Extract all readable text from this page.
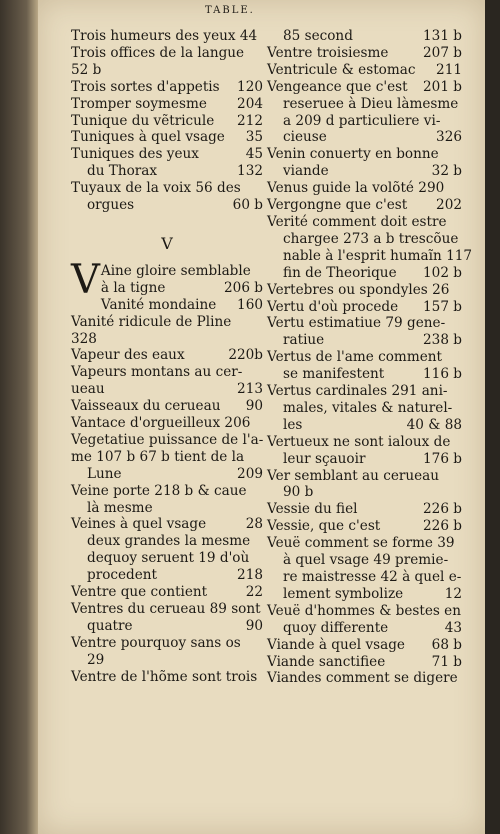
TABLE.
Trois humeurs des yeux 44
Trois offices de la langue
52 b
Trois sortes d'appetis 120
Tromper soymesme 204
Tunique du vẽtricule 212
Tuniques à quel vsage 35
Tuniques des yeux	45
du Thorax	132
Tuyaux de la voix 56 des
orgues	60 b
V
V Aine gloire semblable
à la tigne	206 b
Vanité mondaine 160
Vanité ridicule de Pline
328
Vapeur des eaux	220b
Vapeurs montans au cer-
ueau	213
Vaisseaux du cerueau 90
Vantace d'orgueilleux 206
Vegetatiue puissance de l'a-
me 107 b 67 b tient de la
Lune	209
Veine porte 218 b & caue
là mesme
Veines à quel vsage	28
deux grandes la mesme
dequoy seruent 19 d'où
procedent	218
Ventre que contient	22
Ventres du cerueau 89 sont
quatre	90
Ventre pourquoy sans os
29
Ventre de l'hõme sont trois
85 second	131 b
Ventre troisiesme	207 b
Ventricule & estomac 211
Vengeance que c'est 201 b
reseruee à Dieu làmesme
a 209 d particuliere vi-
cieuse	326
Venin conuerty en bonne
viande	32 b
Venus guide la volõté 290
Vergongne que c'est 202
Verité comment doit estre
chargee 273 a b trescõue
nable à l'esprit humaĩn 117
fin de Theorique 102 b
Vertebres ou spondyles 26
Vertu d'où procede 157 b
Vertu estimatiue 79 gene-
ratiue	238 b
Vertus de l'ame comment
se manifestent	116 b
Vertus cardinales 291 ani-
males, vitales & naturel-
les	40 & 88
Vertueux ne sont ialoux de
leur sçauoir	176 b
Ver semblant au cerueau
90 b
Vessie du fiel	226 b
Vessie, que c'est	226 b
Veuë comment se forme 39
à quel vsage 49 premie-
re maistresse 42 à quel e-
lement symbolize	12
Veuë d'hommes & bestes en
quoy differente	43
Viande à quel vsage 68 b
Viande sanctifiee	71 b
Viandes comment se digere
